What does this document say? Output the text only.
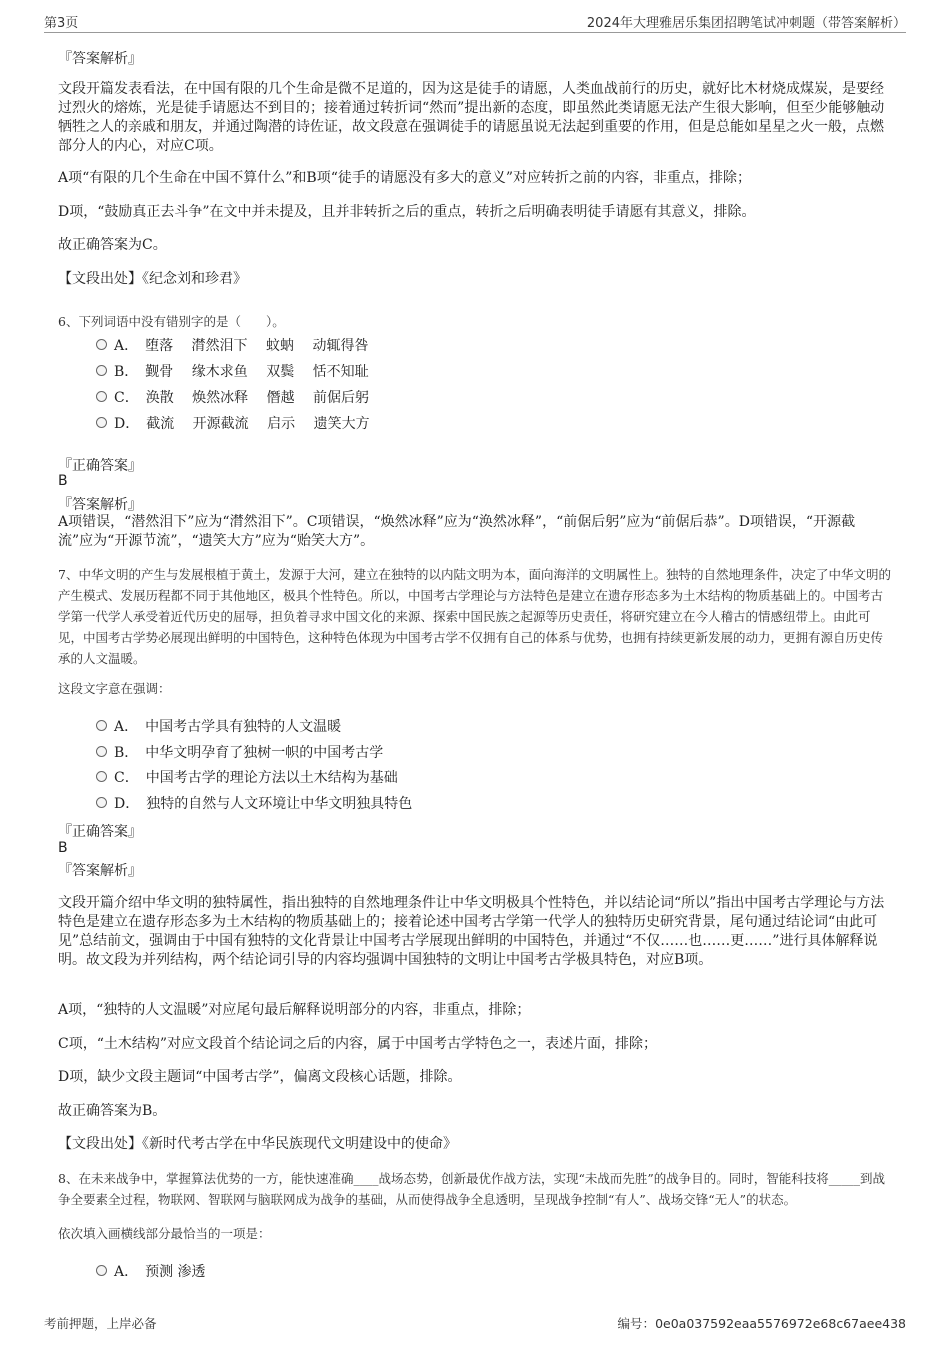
第3页	2024年大理雅居乐集团招聘笔试冲刺题（带答案解析）
『答案解析』
文段开篇发表看法，在中国有限的几个生命是微不足道的，因为这是徒手的请愿，人类血战前行的历史，就好比木材烧成煤炭，是要经过烈火的熔炼，光是徒手请愿达不到目的；接着通过转折词“然而”提出新的态度，即虽然此类请愿无法产生很大影响，但至少能够触动牺牲之人的亲戚和朋友，并通过陶潜的诗佐证，故文段意在强调徒手的请愿虽说无法起到重要的作用，但是总能如星星之火一般，点燃部分人的内心，对应C项。
A项“有限的几个生命在中国不算什么”和B项“徒手的请愿没有多大的意义”对应转折之前的内容，非重点，排除；
D项，“鼓励真正去斗争”在文中并未提及，且并非转折之后的重点，转折之后明确表明徒手请愿有其意义，排除。
故正确答案为C。
【文段出处】《纪念刘和珍君》
6、下列词语中没有错别字的是（　　）。
A．　堕落　 潸然泪下　 蚊蚋　 动辄得咎
B．　觐骨　 缘木求鱼　 双鬓　 恬不知耻
C．　涣散　 焕然冰释　 僭越　 前倨后躬
D．　截流　 开源截流　 启示　 遗笑大方
『正确答案』
B
『答案解析』
A项错误，“潜然泪下”应为“潸然泪下”。C项错误，“焕然冰释”应为“涣然冰释”，“前倨后躬”应为“前倨后恭”。D项错误，“开源截流”应为“开源节流”，“遗笑大方”应为“贻笑大方”。
7、中华文明的产生与发展根植于黄土，发源于大河，建立在独特的以内陆文明为本，面向海洋的文明属性上。独特的自然地理条件，决定了中华文明的产生模式、发展历程都不同于其他地区，极具个性特色。所以，中国考古学理论与方法特色是建立在遗存形态多为土木结构的物质基础上的。中国考古学第一代学人承受着近代历史的屈辱，担负着寻求中国文化的来源、探索中国民族之起源等历史责任，将研究建立在今人稽古的情感纽带上。由此可见，中国考古学势必展现出鲜明的中国特色，这种特色体现为中国考古学不仅拥有自己的体系与优势，也拥有持续更新发展的动力，更拥有源自历史传承的人文温暖。
这段文字意在强调：
A．　中国考古学具有独特的人文温暖
B．　中华文明孕育了独树一帜的中国考古学
C．　中国考古学的理论方法以土木结构为基础
D．　独特的自然与人文环境让中华文明独具特色
『正确答案』
B
『答案解析』
文段开篇介绍中华文明的独特属性，指出独特的自然地理条件让中华文明极具个性特色，并以结论词“所以”指出中国考古学理论与方法特色是建立在遗存形态多为土木结构的物质基础上的；接着论述中国考古学第一代学人的独特历史研究背景，尾句通过结论词“由此可见”总结前文，强调由于中国有独特的文化背景让中国考古学展现出鲜明的中国特色，并通过“不仅……也……更……”进行具体解释说明。故文段为并列结构，两个结论词引导的内容均强调中国独特的文明让中国考古学极具特色，对应B项。
A项，“独特的人文温暖”对应尾句最后解释说明部分的内容，非重点，排除；
C项，“土木结构”对应文段首个结论词之后的内容，属于中国考古学特色之一，表述片面，排除；
D项，缺少文段主题词“中国考古学”，偏离文段核心话题，排除。
故正确答案为B。
【文段出处】《新时代考古学在中华民族现代文明建设中的使命》
8、在未来战争中，掌握算法优势的一方，能快速准确____战场态势，创新最优作战方法，实现“未战而先胜”的战争目的。同时，智能科技将_____到战争全要素全过程，物联网、智联网与脑联网成为战争的基础，从而使得战争全息透明，呈现战争控制“有人”、战场交锋“无人”的状态。
依次填入画横线部分最恰当的一项是：
A．　预测 渗透
考前押题，上岸必备	编号：0e0a037592eaa5576972e68c67aee438
